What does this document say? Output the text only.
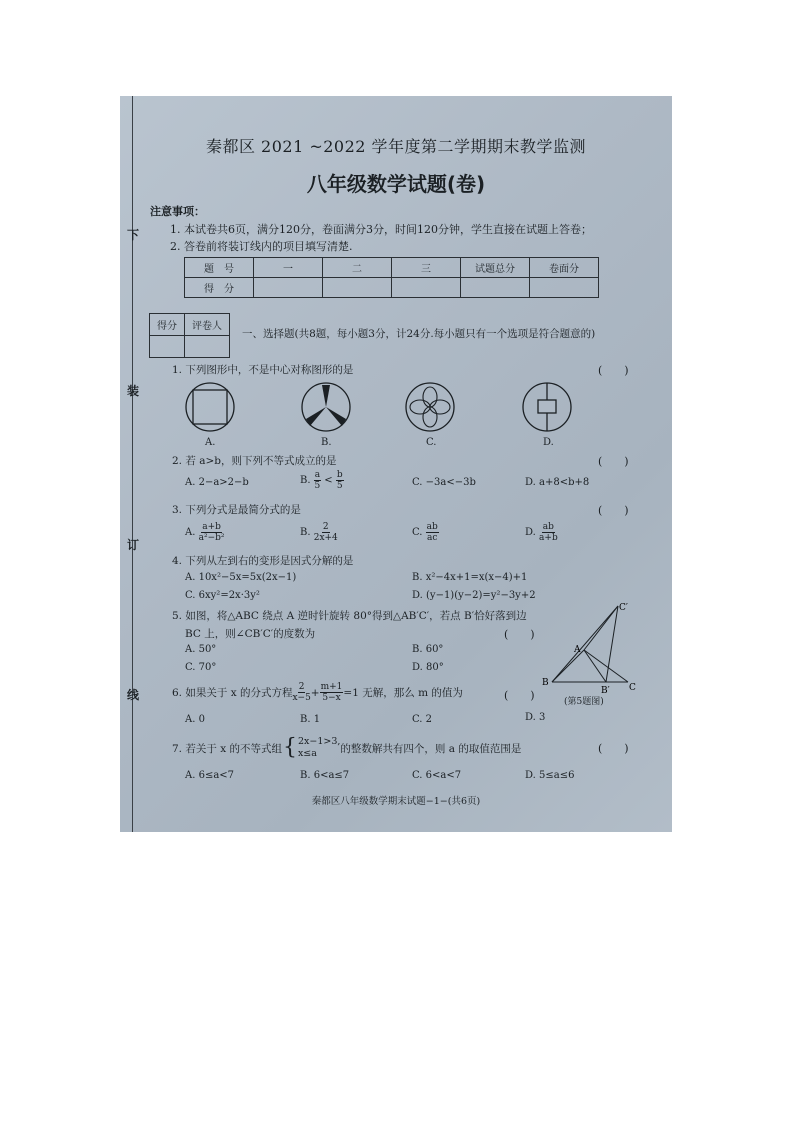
下
装
订
线
秦都区 2021 ~2022 学年度第二学期期末教学监测
八年级数学试题(卷)
注意事项：
1. 本试卷共6页，满分120分，卷面满分3分，时间120分钟，学生直接在试题上答卷；
2. 答卷前将装订线内的项目填写清楚.
题　号	一	二	三	试题总分	卷面分
得　分					
得分	评卷人

一、选择题(共8题，每小题3分，计24分.每小题只有一个选项是符合题意的)
1. 下列图形中，不是中心对称图形的是	(　　)
A.	B.	C.	D.
2. 若 a>b，则下列不等式成立的是	(　　)
A. 2−a>2−b	B. $\frac{a}{5} < \frac{b}{5}$	C. −3a<−3b	D. a+8<b+8
3. 下列分式是最简分式的是	(　　)
A. $\frac{a+b}{\text{a²−b²}}$	B. $\frac{2}{2x+4}$	C. $\frac{ab}{ac}$	D. $\frac{ab}{a+b}$
4. 下列从左到右的变形是因式分解的是
A. 10x²−5x=5x(2x−1)	B. x²−4x+1=x(x−4)+1
C. 6xy²=2x·3y²	D. (y−1)(y−2)=y²−3y+2
5. 如图，将△ABC 绕点 A 逆时针旋转 80°得到△AB′C′，若点 B′恰好落到边
BC 上，则∠CB′C′的度数为	(　　)
A. 50°	B. 60°
C. 70°	D. 80°
C′
A
B
B′ C
(第5题图)
6. 如果关于 x 的分式方程 $\frac{2}{x-5} + \frac{m+1}{5-x} =1$ 无解，那么 m 的值为	(　　)
A. 0	B. 1	C. 2	D. 3
7. 若关于 x 的不等式组 { 2x−1>3,
x≤a	的整数解共有四个，则 a 的取值范围是	(　　)
A. 6≤a<7	B. 6<a≤7	C. 6<a<7	D. 5≤a≤6
秦都区八年级数学期末试题−1−(共6页)
